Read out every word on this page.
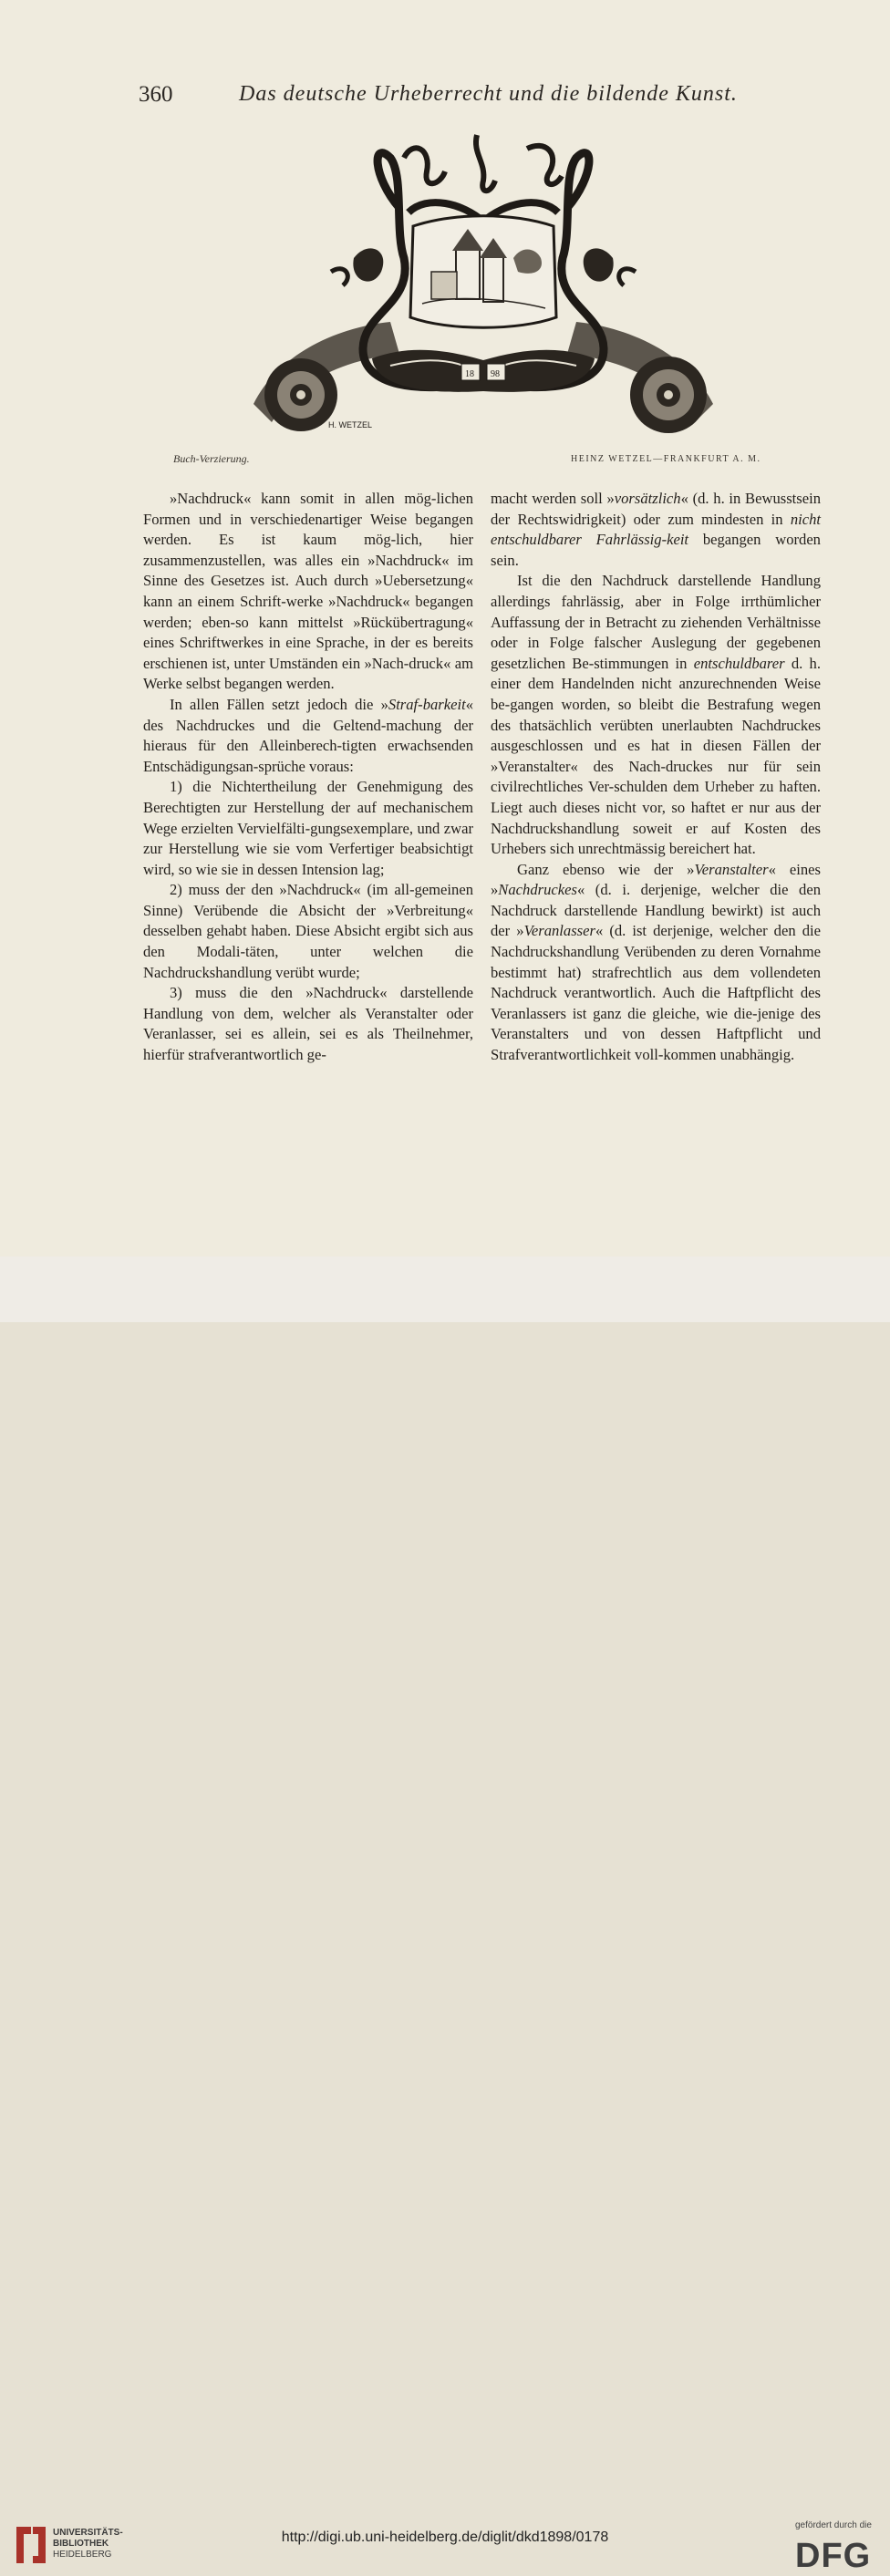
360	Das deutsche Urheberrecht und die bildende Kunst.
18 98
H. WETZEL
Buch-Verzierung.	HEINZ WETZEL—FRANKFURT A. M.

»Nachdruck« kann somit in allen mög-lichen Formen und in verschiedenartiger Weise begangen werden. Es ist kaum mög-lich, hier zusammenzustellen, was alles ein »Nachdruck« im Sinne des Gesetzes ist. Auch durch »Uebersetzung« kann an einem Schrift-werke »Nachdruck« begangen werden; eben-so kann mittelst »Rückübertragung« eines Schriftwerkes in eine Sprache, in der es bereits erschienen ist, unter Umständen ein »Nach-druck« am Werke selbst begangen werden.

In allen Fällen setzt jedoch die »Straf-barkeit« des Nachdruckes und die Geltend-machung der hieraus für den Alleinberech-tigten erwachsenden Entschädigungsan-sprüche voraus:

1) die Nichtertheilung der Genehmigung des Berechtigten zur Herstellung der auf mechanischem Wege erzielten Vervielfälti-gungsexemplare, und zwar zur Herstellung wie sie vom Verfertiger beabsichtigt wird, so wie sie in dessen Intension lag;

2) muss der den »Nachdruck« (im all-gemeinen Sinne) Verübende die Absicht der »Verbreitung« desselben gehabt haben. Diese Absicht ergibt sich aus den Modali-täten, unter welchen die Nachdruckshandlung verübt wurde;

3) muss die den »Nachdruck« darstellende Handlung von dem, welcher als Veranstalter oder Veranlasser, sei es allein, sei es als Theilnehmer, hierfür strafverantwortlich ge-

macht werden soll »vorsätzlich« (d. h. in Bewusstsein der Rechtswidrigkeit) oder zum mindesten in nicht entschuldbarer Fahrlässig-keit begangen worden sein.

Ist die den Nachdruck darstellende Handlung allerdings fahrlässig, aber in Folge irrthümlicher Auffassung der in Betracht zu ziehenden Verhältnisse oder in Folge falscher Auslegung der gegebenen gesetzlichen Be-stimmungen in entschuldbarer d. h. einer dem Handelnden nicht anzurechnenden Weise be-gangen worden, so bleibt die Bestrafung wegen des thatsächlich verübten unerlaubten Nachdruckes ausgeschlossen und es hat in diesen Fällen der »Veranstalter« des Nach-druckes nur für sein civilrechtliches Ver-schulden dem Urheber zu haften. Liegt auch dieses nicht vor, so haftet er nur aus der Nachdruckshandlung soweit er auf Kosten des Urhebers sich unrechtmässig bereichert hat.

Ganz ebenso wie der »Veranstalter« eines »Nachdruckes« (d. i. derjenige, welcher die den Nachdruck darstellende Handlung bewirkt) ist auch der »Veranlasser« (d. ist derjenige, welcher den die Nachdruckshandlung Verübenden zu deren Vornahme bestimmt hat) strafrechtlich aus dem vollendeten Nachdruck verantwortlich. Auch die Haftpflicht des Veranlassers ist ganz die gleiche, wie die-jenige des Veranstalters und von dessen Haftpflicht und Strafverantwortlichkeit voll-kommen unabhängig.

UNIVERSITÄTS-
BIBLIOTHEK
HEIDELBERG
http://digi.ub.uni-heidelberg.de/diglit/dkd1898/0178
gefördert durch die
DFG
